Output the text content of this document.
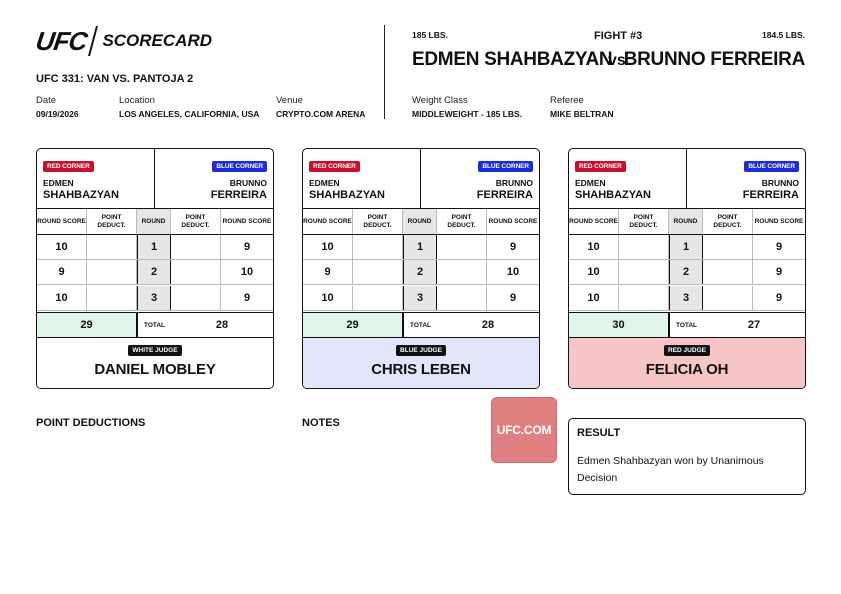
UFC SCORECARD
UFC 331: VAN VS. PANTOJA 2
Date
09/19/2026
Location
LOS ANGELES, CALIFORNIA, USA
Venue
CRYPTO.COM ARENA
185 LBS.	FIGHT #3	184.5 LBS.
EDMEN SHAHBAZYAN
vs.
BRUNNO FERREIRA
Weight Class
MIDDLEWEIGHT - 185 LBS.
Referee
MIKE BELTRAN
RED CORNER
EDMEN
SHAHBAZYAN
BLUE CORNER
BRUNNO
FERREIRA
ROUND SCORE
POINT DEDUCT.
ROUND
POINT DEDUCT.
ROUND SCORE
10	1	9
9	2	10
10	3	9
29	TOTAL	28
WHITE JUDGE
DANIEL MOBLEY
RED CORNER
EDMEN
SHAHBAZYAN
BLUE CORNER
BRUNNO
FERREIRA
ROUND SCORE
POINT DEDUCT.
ROUND
POINT DEDUCT.
ROUND SCORE
10	1	9
9	2	10
10	3	9
29	TOTAL	28
BLUE JUDGE
CHRIS LEBEN
RED CORNER
EDMEN
SHAHBAZYAN
BLUE CORNER
BRUNNO
FERREIRA
ROUND SCORE
POINT DEDUCT.
ROUND
POINT DEDUCT.
ROUND SCORE
10	1	9
10	2	9
10	3	9
30	TOTAL	27
RED JUDGE
FELICIA OH
POINT DEDUCTIONS	NOTES	UFC.COM	RESULT
Edmen Shahbazyan won by Unanimous Decision
